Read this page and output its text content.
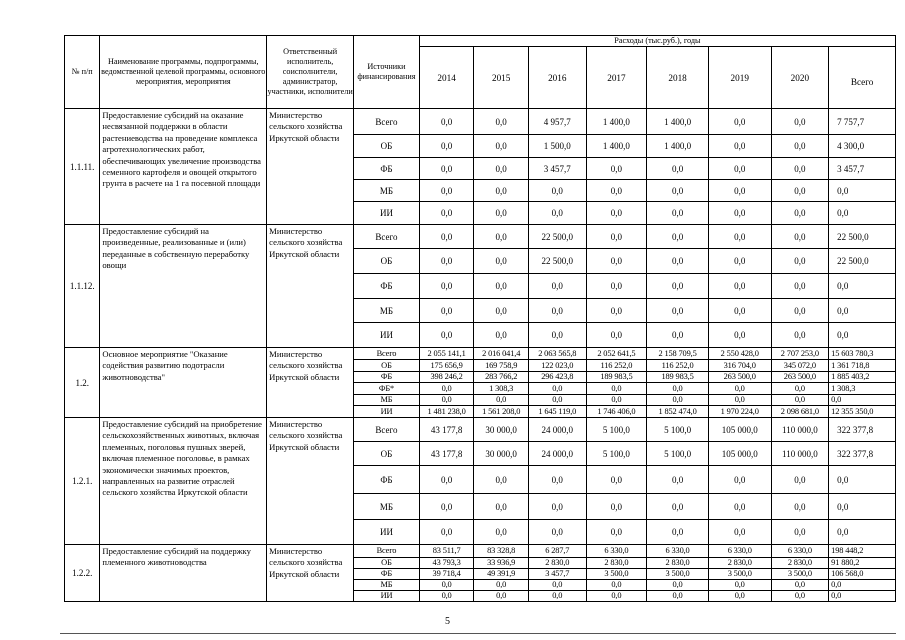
№ п/п	Наименование программы, подпрограммы, ведомственной целевой программы, основного мероприятия, мероприятия	Ответственный исполнитель, соисполнители, администратор, участники, исполнители	Источники финансирования	Расходы (тыс.руб.), годы							
				2014	2015	2016	2017	2018	2019	2020	Всего
1.1.11.	Предоставление субсидий на оказание несвязанной поддержки в области растениеводства на проведение комплекса агротехнологических работ, обеспечивающих увеличение производства семенного картофеля и овощей открытого грунта в расчете на 1 га посевной площади	Министерство сельского хозяйства Иркутской области	Всего	0,0	0,0	4 957,7	1 400,0	1 400,0	0,0	0,0	7 757,7
			ОБ	0,0	0,0	1 500,0	1 400,0	1 400,0	0,0	0,0	4 300,0
			ФБ	0,0	0,0	3 457,7	0,0	0,0	0,0	0,0	3 457,7
			МБ	0,0	0,0	0,0	0,0	0,0	0,0	0,0	0,0
			ИИ	0,0	0,0	0,0	0,0	0,0	0,0	0,0	0,0
1.1.12.	Предоставление субсидий на произведенные, реализованные и (или) переданные в собственную переработку овощи	Министерство сельского хозяйства Иркутской области	Всего	0,0	0,0	22 500,0	0,0	0,0	0,0	0,0	22 500,0
			ОБ	0,0	0,0	22 500,0	0,0	0,0	0,0	0,0	22 500,0
			ФБ	0,0	0,0	0,0	0,0	0,0	0,0	0,0	0,0
			МБ	0,0	0,0	0,0	0,0	0,0	0,0	0,0	0,0
			ИИ	0,0	0,0	0,0	0,0	0,0	0,0	0,0	0,0
1.2.	Основное мероприятие "Оказание содействия развитию подотрасли животноводства"	Министерство сельского хозяйства Иркутской области	Всего	2 055 141,1	2 016 041,4	2 063 565,8	2 052 641,5	2 158 709,5	2 550 428,0	2 707 253,0	15 603 780,3
			ОБ	175 656,9	169 758,9	122 023,0	116 252,0	116 252,0	316 704,0	345 072,0	1 361 718,8
			ФБ	398 246,2	283 766,2	296 423,8	189 983,5	189 983,5	263 500,0	263 500,0	1 885 403,2
			ФБ*	0,0	1 308,3	0,0	0,0	0,0	0,0	0,0	1 308,3
			МБ	0,0	0,0	0,0	0,0	0,0	0,0	0,0	0,0
			ИИ	1 481 238,0	1 561 208,0	1 645 119,0	1 746 406,0	1 852 474,0	1 970 224,0	2 098 681,0	12 355 350,0
1.2.1.	Предоставление субсидий на приобретение сельскохозяйственных животных, включая племенных, поголовья пушных зверей, включая племенное поголовье, в рамках экономически значимых проектов, направленных на развитие отраслей сельского хозяйства Иркутской области	Министерство сельского хозяйства Иркутской области	Всего	43 177,8	30 000,0	24 000,0	5 100,0	5 100,0	105 000,0	110 000,0	322 377,8
			ОБ	43 177,8	30 000,0	24 000,0	5 100,0	5 100,0	105 000,0	110 000,0	322 377,8
			ФБ	0,0	0,0	0,0	0,0	0,0	0,0	0,0	0,0
			МБ	0,0	0,0	0,0	0,0	0,0	0,0	0,0	0,0
			ИИ	0,0	0,0	0,0	0,0	0,0	0,0	0,0	0,0
1.2.2.	Предоставление субсидий на поддержку племенного животноводства	Министерство сельского хозяйства Иркутской области	Всего	83 511,7	83 328,8	6 287,7	6 330,0	6 330,0	6 330,0	6 330,0	198 448,2
			ОБ	43 793,3	33 936,9	2 830,0	2 830,0	2 830,0	2 830,0	2 830,0	91 880,2
			ФБ	39 718,4	49 391,9	3 457,7	3 500,0	3 500,0	3 500,0	3 500,0	106 568,0
			МБ	0,0	0,0	0,0	0,0	0,0	0,0	0,0	0,0
			ИИ	0,0	0,0	0,0	0,0	0,0	0,0	0,0	0,0
5
